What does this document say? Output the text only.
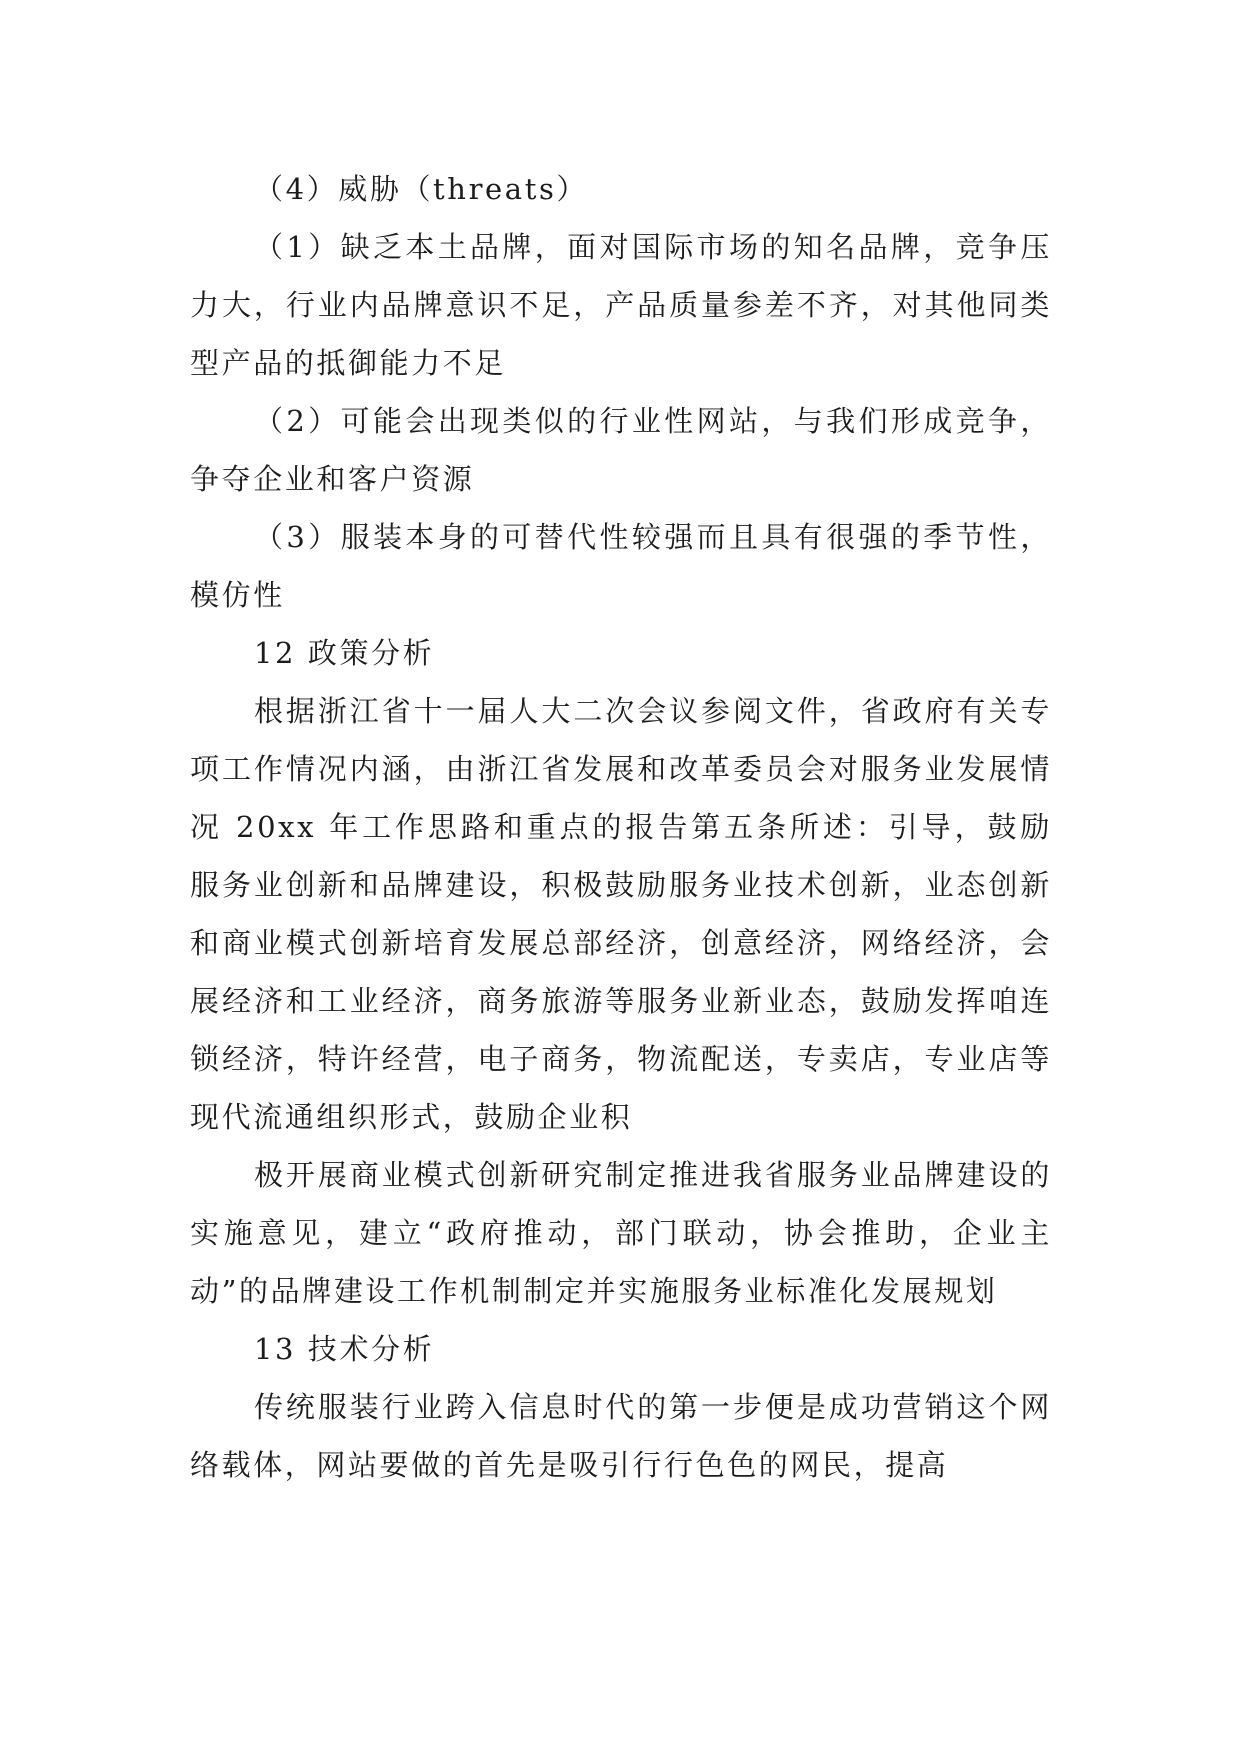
（4）威胁（threats）

（1）缺乏本土品牌，面对国际市场的知名品牌，竞争压力大，行业内品牌意识不足，产品质量参差不齐，对其他同类型产品的抵御能力不足

（2）可能会出现类似的行业性网站，与我们形成竞争，争夺企业和客户资源

（3）服装本身的可替代性较强而且具有很强的季节性，模仿性

12 政策分析

根据浙江省十一届人大二次会议参阅文件，省政府有关专项工作情况内涵，由浙江省发展和改革委员会对服务业发展情况 20xx 年工作思路和重点的报告第五条所述：引导，鼓励服务业创新和品牌建设，积极鼓励服务业技术创新，业态创新和商业模式创新培育发展总部经济，创意经济，网络经济，会展经济和工业经济，商务旅游等服务业新业态，鼓励发挥咱连锁经济，特许经营，电子商务，物流配送，专卖店，专业店等现代流通组织形式，鼓励企业积

极开展商业模式创新研究制定推进我省服务业品牌建设的实施意见，建立“政府推动，部门联动，协会推助，企业主动”的品牌建设工作机制制定并实施服务业标准化发展规划

13 技术分析

传统服装行业跨入信息时代的第一步便是成功营销这个网络载体，网站要做的首先是吸引行行色色的网民，提高
